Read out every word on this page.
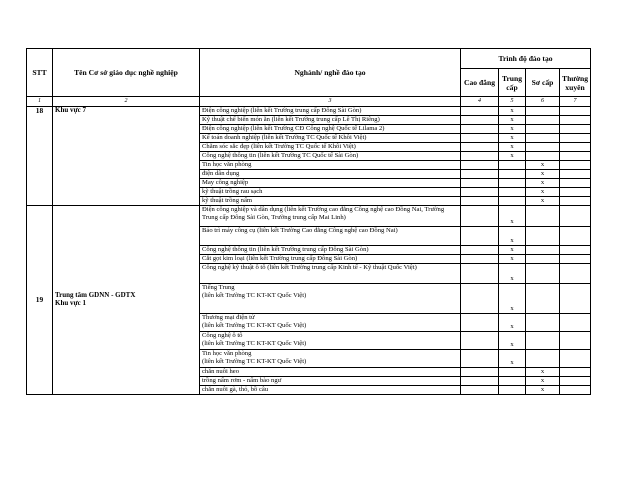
STT	Tên Cơ sở giáo dục nghề nghiệp	Nghành/ nghề đào tạo	Trình độ đào tạo			
			Cao đẳng	Trung cấp	Sơ cấp	Thường xuyên
1	2	3	4	5	6	7
18	Khu vực 7	Điện công nghiệp (liên kết Trường trung cấp Đông Sài Gòn)		x		
		Kỹ thuật chế biến món ăn (liên kết Trường trung cấp Lê Thị Riêng)		x		
		Điện công nghiệp (liên kết Trường CĐ Công nghệ Quốc tế Lilama 2)		x		
		Kế toán doanh nghiệp (liên kết Trường TC Quốc tế Khôi Việt)		x		
		Chăm sóc sắc đẹp (liên kết Trường TC Quốc tế Khôi Việt)		x		
		Công nghệ thông tin (liên kết Trường TC Quốc tế Sài Gòn)		x		
		Tin học văn phòng			x	
		điện dân dụng			x	
		May công nghiệp			x	
		kỹ thuật trồng rau sạch			x	
		kỹ thuật trồng nấm			x	
19	Trung tâm GDNN - GDTX
Khu vực 1	Điện công nghiệp và dân dụng (liên kết Trường cao đẳng Công nghệ cao Đồng Nai, Trường Trung cấp Đông Sài Gòn, Trường trung cấp Mai Linh)		x		
		Bảo trì máy công cụ (liên kết Trường Cao đẳng Công nghệ cao Đồng Nai)		x		
		Công nghệ thông tin (liên kết Trường trung cấp Đông Sài Gòn)		x		
		Cắt gọt kim loại (liên kết Trường trung cấp Đông Sài Gòn)		x		
		Công nghệ kỹ thuật ô tô (liên kết Trường trung cấp Kinh tế - Kỹ thuật Quốc Việt)		x		
		Tiếng Trung
(liên kết Trường TC KT-KT Quốc Việt)		x		
		Thương mại điện tử
(liên kết Trường TC KT-KT Quốc Việt)		x		
		Công nghệ ô tô
(liên kết Trường TC KT-KT Quốc Việt)		x		
		Tin học văn phòng
(liên kết Trường TC KT-KT Quốc Việt)		x		
		chăn nuôi heo			x	
		trồng nấm rơm - nấm bào ngư			x	
		chăn nuôi gà, thỏ, bồ câu			x	
